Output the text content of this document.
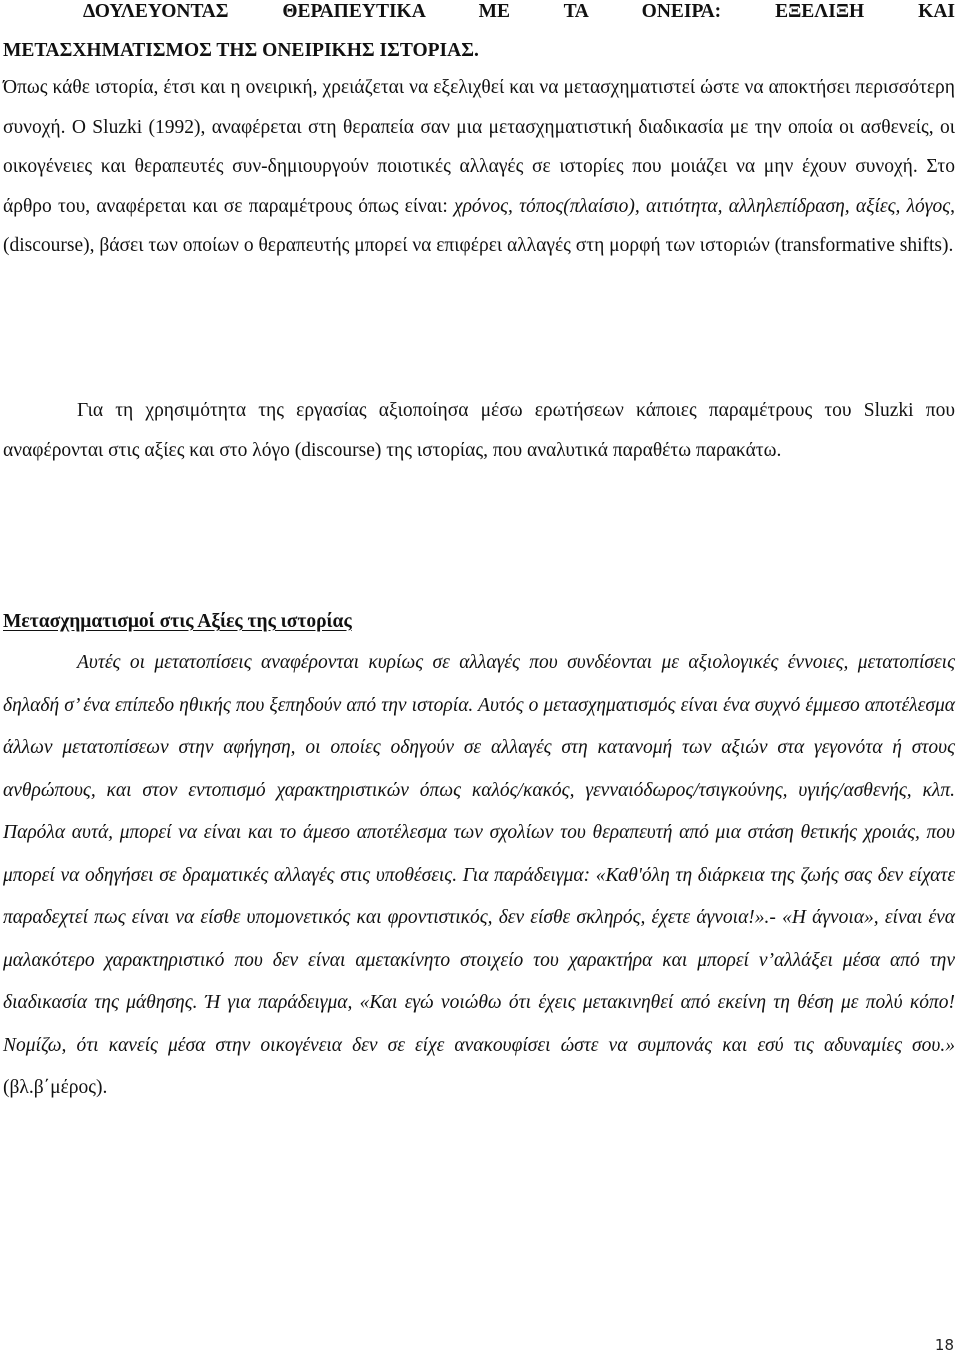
ΔΟΥΛΕΥΟΝΤΑΣ ΘΕΡΑΠΕΥΤΙΚΑ ΜΕ ΤΑ ΟΝΕΙΡΑ: ΕΞΕΛΙΞΗ ΚΑΙ
ΜΕΤΑΣΧΗΜΑΤΙΣΜΟΣ ΤΗΣ ΟΝΕΙΡΙΚΗΣ ΙΣΤΟΡΙΑΣ.

Όπως κάθε ιστορία, έτσι και η ονειρική, χρειάζεται να εξελιχθεί και να μετασχηματιστεί ώστε να αποκτήσει περισσότερη συνοχή. Ο Sluzki (1992), αναφέρεται στη θεραπεία σαν μια μετασχηματιστική διαδικασία με την οποία οι ασθενείς, οι οικογένειες και θεραπευτές συν-δημιουργούν ποιοτικές αλλαγές σε ιστορίες που μοιάζει να μην έχουν συνοχή. Στο άρθρο του, αναφέρεται και σε παραμέτρους όπως είναι: χρόνος, τόπος(πλαίσιο), αιτιότητα, αλληλεπίδραση, αξίες, λόγος, (discourse), βάσει των οποίων ο θεραπευτής μπορεί να επιφέρει αλλαγές στη μορφή των ιστοριών (transformative shifts).

Για τη χρησιμότητα της εργασίας αξιοποίησα μέσω ερωτήσεων κάποιες παραμέτρους του Sluzki που αναφέρονται στις αξίες και στο λόγο (discourse) της ιστορίας, που αναλυτικά παραθέτω παρακάτω.

Μετασχηματισμοί στις Αξίες της ιστορίας

Αυτές οι μετατοπίσεις αναφέρονται κυρίως σε αλλαγές που συνδέονται με αξιολογικές έννοιες, μετατοπίσεις δηλαδή σ’ ένα επίπεδο ηθικής που ξεπηδούν από την ιστορία. Αυτός ο μετασχηματισμός είναι ένα συχνό έμμεσο αποτέλεσμα άλλων μετατοπίσεων στην αφήγηση, οι οποίες οδηγούν σε αλλαγές στη κατανομή των αξιών στα γεγονότα ή στους ανθρώπους, και στον εντοπισμό χαρακτηριστικών όπως καλός/κακός, γενναιόδωρος/τσιγκούνης, υγιής/ασθενής, κλπ. Παρόλα αυτά, μπορεί να είναι και το άμεσο αποτέλεσμα των σχολίων του θεραπευτή από μια στάση θετικής χροιάς, που μπορεί να οδηγήσει σε δραματικές αλλαγές στις υποθέσεις. Για παράδειγμα: «Καθ'όλη τη διάρκεια της ζωής σας δεν είχατε παραδεχτεί πως είναι να είσθε υπομονετικός και φροντιστικός, δεν είσθε σκληρός, έχετε άγνοια!».- «Η άγνοια», είναι ένα μαλακότερο χαρακτηριστικό που δεν είναι αμετακίνητο στοιχείο του χαρακτήρα και μπορεί ν’αλλάξει μέσα από την διαδικασία της μάθησης. Ή για παράδειγμα, «Και εγώ νοιώθω ότι έχεις μετακινηθεί από εκείνη τη θέση με πολύ κόπο! Νομίζω, ότι κανείς μέσα στην οικογένεια δεν σε είχε ανακουφίσει ώστε να συμπονάς και εσύ τις αδυναμίες σου.» (βλ.β΄μέρος).

18
